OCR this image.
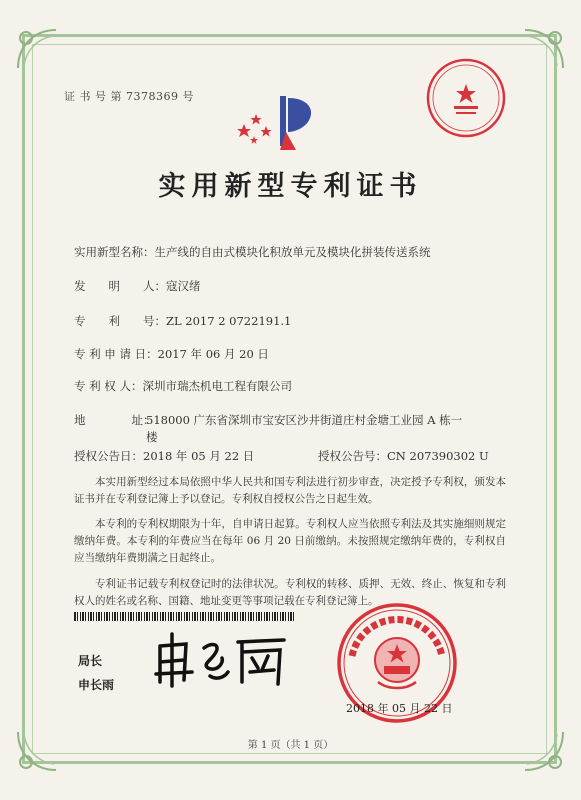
证 书 号 第 7378369 号
实用新型专利证书
实用新型名称：生产线的自由式模块化积放单元及模块化拼装传送系统
发　　明　　人：寇汉绪
专　　利　　号：ZL 2017 2 0722191.1
专 利 申 请 日：2017 年 06 月 20 日
专 利 权 人：深圳市瑞杰机电工程有限公司
地　　　　址：
518000 广东省深圳市宝安区沙井街道庄村金塘工业园 A 栋一楼
授权公告日：2018 年 05 月 22 日	授权公告号：CN 207390302 U
本实用新型经过本局依照中华人民共和国专利法进行初步审查，决定授予专利权，颁发本证书并在专利登记簿上予以登记。专利权自授权公告之日起生效。
本专利的专利权期限为十年，自申请日起算。专利权人应当依照专利法及其实施细则规定缴纳年费。本专利的年费应当在每年 06 月 20 日前缴纳。未按照规定缴纳年费的，专利权自应当缴纳年费期满之日起终止。
专利证书记载专利权登记时的法律状况。专利权的转移、质押、无效、终止、恢复和专利权人的姓名或名称、国籍、地址变更等事项记载在专利登记簿上。
局长
申长雨
2018 年 05 月 22 日
第 1 页（共 1 页）
